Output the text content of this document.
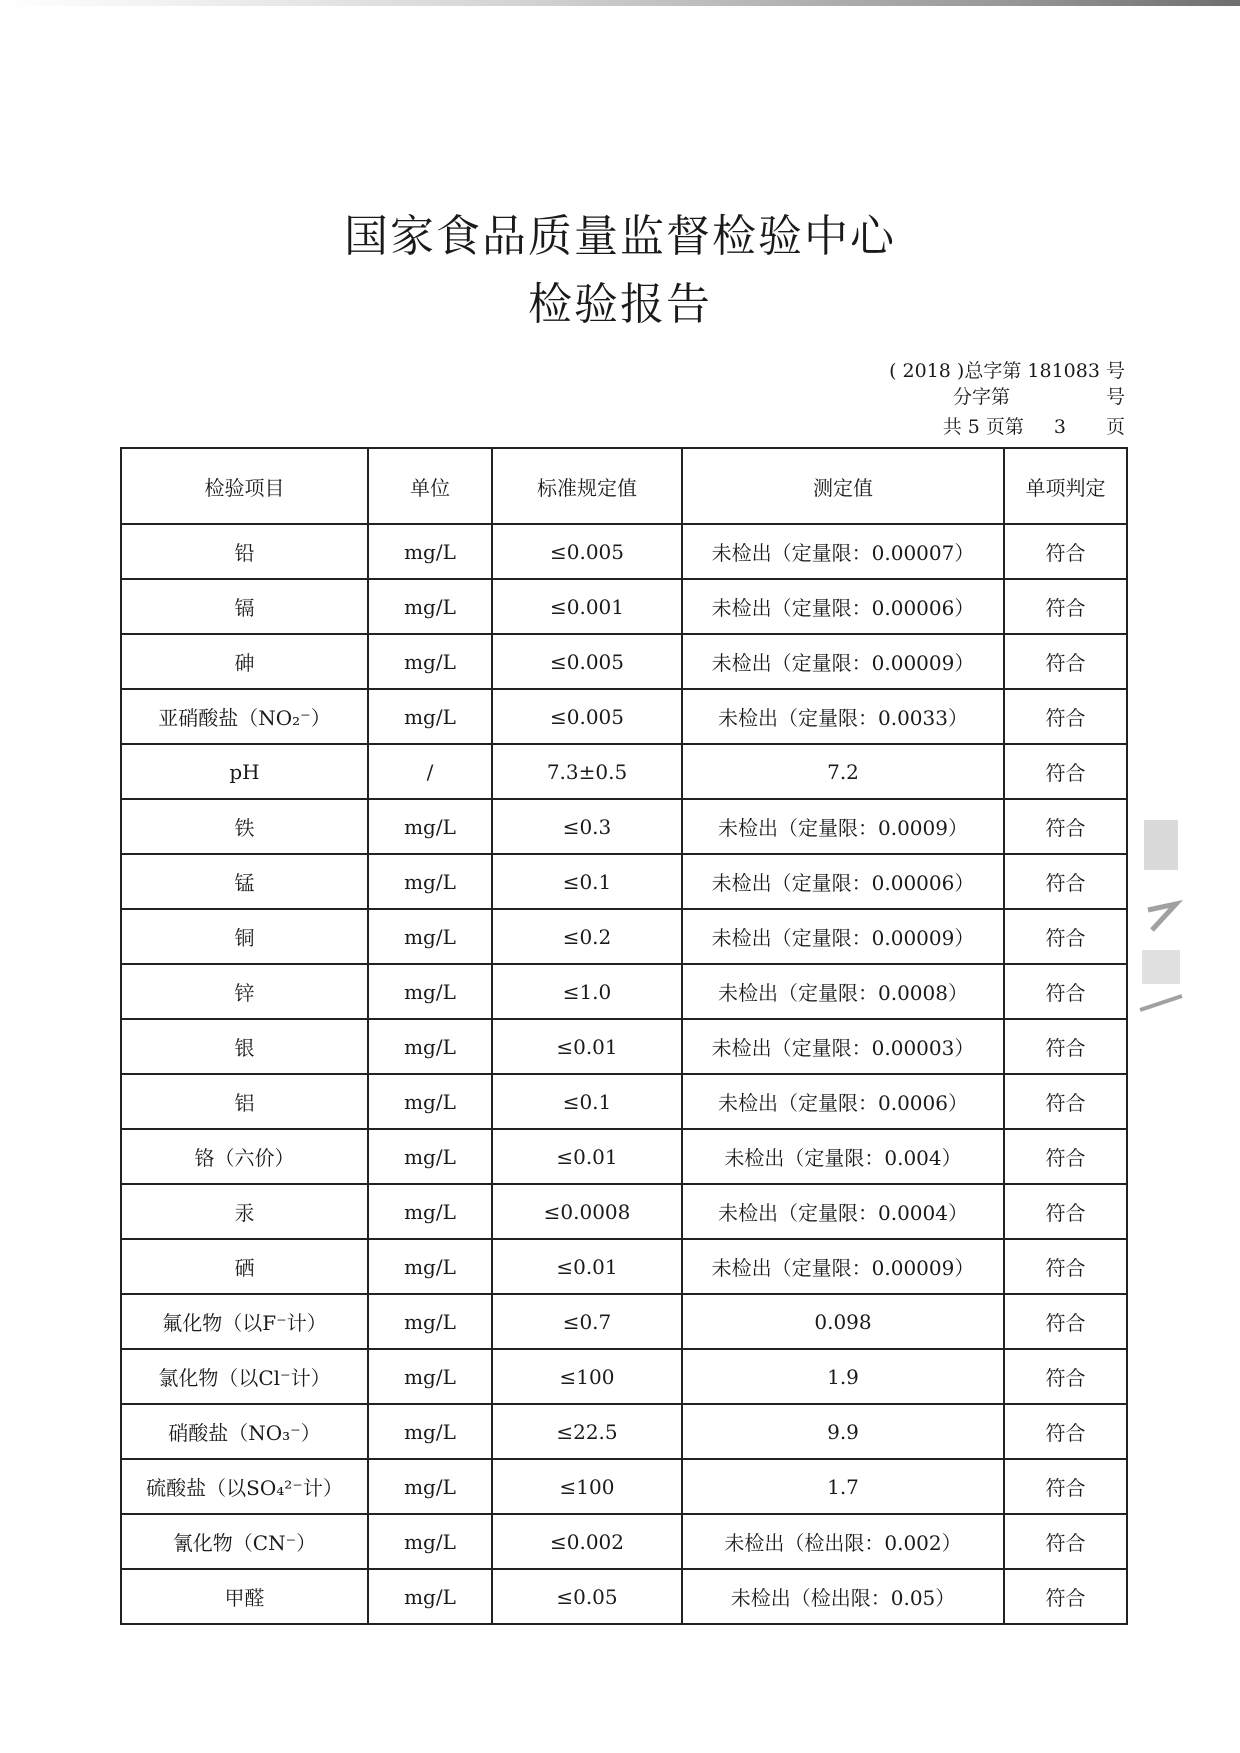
国家食品质量监督检验中心
检验报告
( 2018 )总字第 181083 号
分字第	号
共 5 页第 3 页
检验项目	单位	标准规定值	测定值	单项判定
铅	mg/L	≤0.005	未检出（定量限：0.00007）	符合
镉	mg/L	≤0.001	未检出（定量限：0.00006）	符合
砷	mg/L	≤0.005	未检出（定量限：0.00009）	符合
亚硝酸盐（NO₂⁻）	mg/L	≤0.005	未检出（定量限：0.0033）	符合
pH	/	7.3±0.5	7.2	符合
铁	mg/L	≤0.3	未检出（定量限：0.0009）	符合
锰	mg/L	≤0.1	未检出（定量限：0.00006）	符合
铜	mg/L	≤0.2	未检出（定量限：0.00009）	符合
锌	mg/L	≤1.0	未检出（定量限：0.0008）	符合
银	mg/L	≤0.01	未检出（定量限：0.00003）	符合
铝	mg/L	≤0.1	未检出（定量限：0.0006）	符合
铬（六价）	mg/L	≤0.01	未检出（定量限：0.004）	符合
汞	mg/L	≤0.0008	未检出（定量限：0.0004）	符合
硒	mg/L	≤0.01	未检出（定量限：0.00009）	符合
氟化物（以F⁻计）	mg/L	≤0.7	0.098	符合
氯化物（以Cl⁻计）	mg/L	≤100	1.9	符合
硝酸盐（NO₃⁻）	mg/L	≤22.5	9.9	符合
硫酸盐（以SO₄²⁻计）	mg/L	≤100	1.7	符合
氰化物（CN⁻）	mg/L	≤0.002	未检出（检出限：0.002）	符合
甲醛	mg/L	≤0.05	未检出（检出限：0.05）	符合
